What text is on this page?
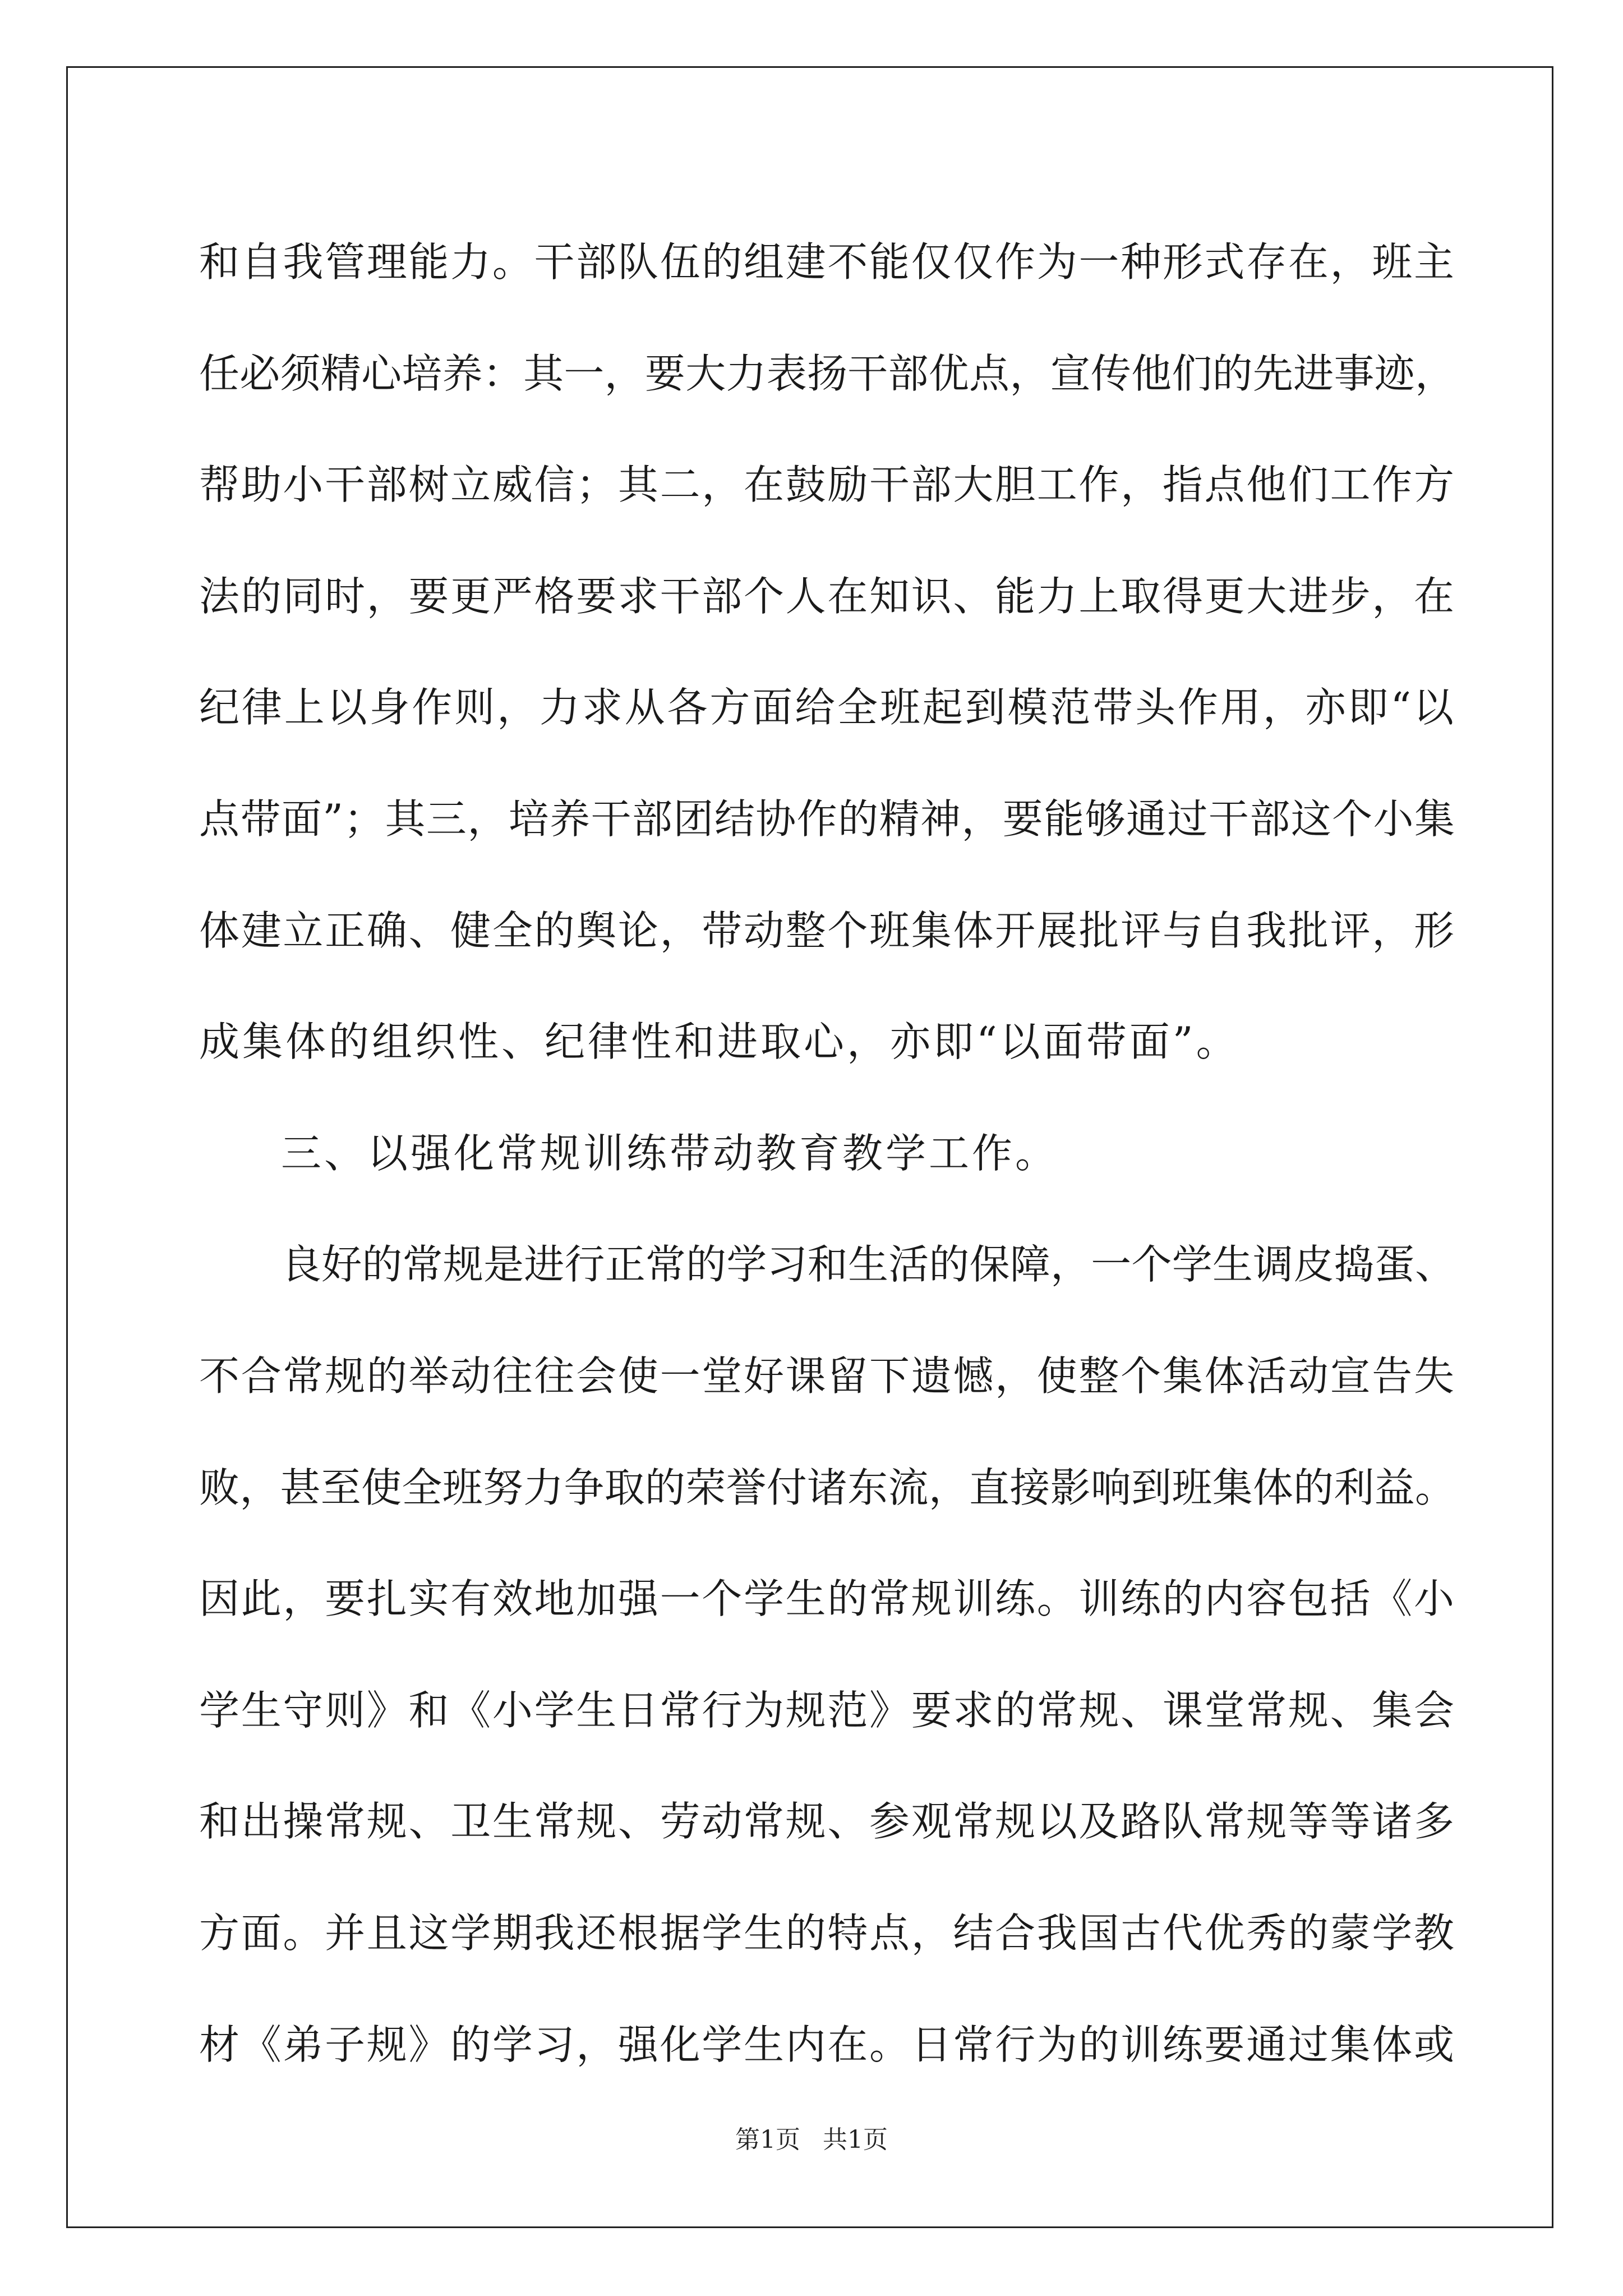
和自我管理能力。干部队伍的组建不能仅仅作为一种形式存在，班主
任必须精心培养：其一，要大力表扬干部优点，宣传他们的先进事迹，
帮助小干部树立威信；其二，在鼓励干部大胆工作，指点他们工作方
法的同时，要更严格要求干部个人在知识、能力上取得更大进步，在
纪律上以身作则，力求从各方面给全班起到模范带头作用，亦即“以
点带面”；其三，培养干部团结协作的精神，要能够通过干部这个小集
体建立正确、健全的舆论，带动整个班集体开展批评与自我批评，形
成集体的组织性、纪律性和进取心，亦即“以面带面”。
三、以强化常规训练带动教育教学工作。
良好的常规是进行正常的学习和生活的保障，一个学生调皮捣蛋、
不合常规的举动往往会使一堂好课留下遗憾，使整个集体活动宣告失
败，甚至使全班努力争取的荣誉付诸东流，直接影响到班集体的利益。
因此，要扎实有效地加强一个学生的常规训练。训练的内容包括《小
学生守则》和《小学生日常行为规范》要求的常规、课堂常规、集会
和出操常规、卫生常规、劳动常规、参观常规以及路队常规等等诸多
方面。并且这学期我还根据学生的特点，结合我国古代优秀的蒙学教
材《弟子规》的学习，强化学生内在。日常行为的训练要通过集体或
第1页 共1页
